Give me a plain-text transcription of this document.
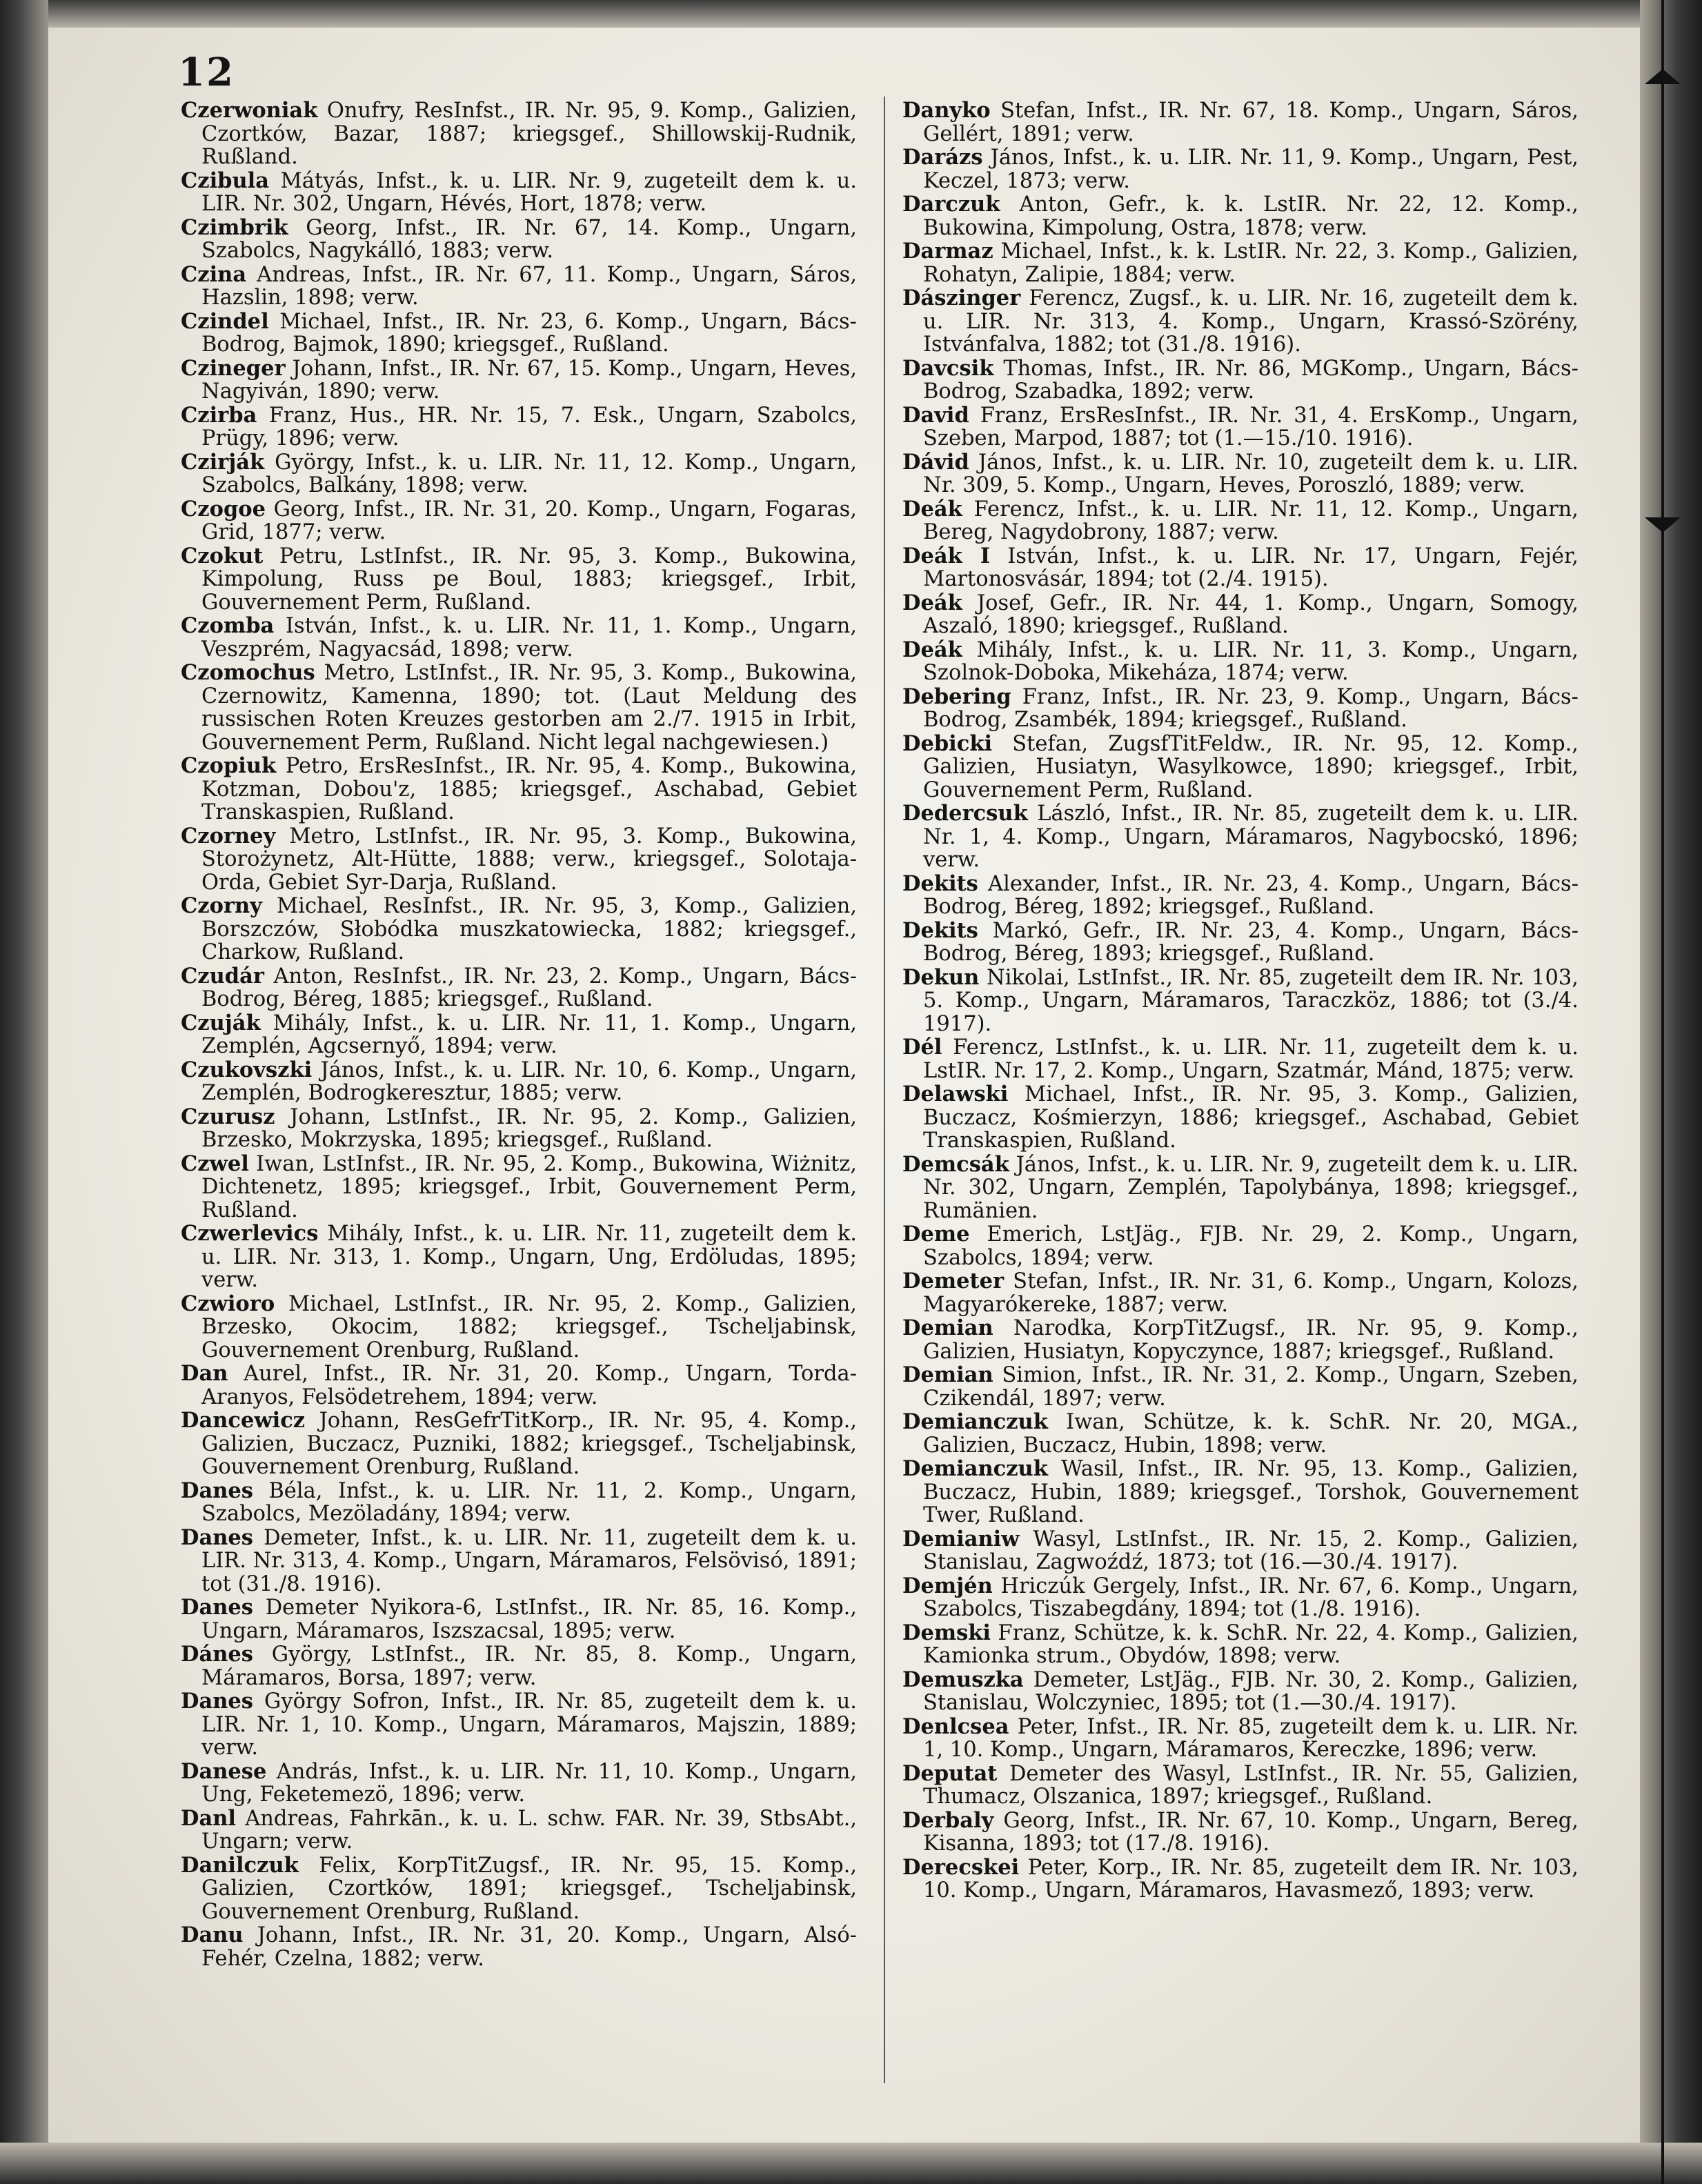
12

Czerwoniak Onufry, ResInfst., IR. Nr. 95, 9. Komp., Galizien, Czortków, Bazar, 1887; kriegsgef., Shillowskij-Rudnik, Rußland.

Czibula Mátyás, Infst., k. u. LIR. Nr. 9, zugeteilt dem k. u. LIR. Nr. 302, Ungarn, Hévés, Hort, 1878; verw.

Czimbrik Georg, Infst., IR. Nr. 67, 14. Komp., Ungarn, Szabolcs, Nagykálló, 1883; verw.

Czina Andreas, Infst., IR. Nr. 67, 11. Komp., Ungarn, Sáros, Hazslin, 1898; verw.

Czindel Michael, Infst., IR. Nr. 23, 6. Komp., Ungarn, Bács-Bodrog, Bajmok, 1890; kriegsgef., Rußland.

Czineger Johann, Infst., IR. Nr. 67, 15. Komp., Ungarn, Heves, Nagyiván, 1890; verw.

Czirba Franz, Hus., HR. Nr. 15, 7. Esk., Ungarn, Szabolcs, Prügy, 1896; verw.

Czirják György, Infst., k. u. LIR. Nr. 11, 12. Komp., Ungarn, Szabolcs, Balkány, 1898; verw.

Czogoe Georg, Infst., IR. Nr. 31, 20. Komp., Ungarn, Fogaras, Grid, 1877; verw.

Czokut Petru, LstInfst., IR. Nr. 95, 3. Komp., Bukowina, Kimpolung, Russ pe Boul, 1883; kriegsgef., Irbit, Gouvernement Perm, Rußland.

Czomba István, Infst., k. u. LIR. Nr. 11, 1. Komp., Ungarn, Veszprém, Nagyacsád, 1898; verw.

Czomochus Metro, LstInfst., IR. Nr. 95, 3. Komp., Bukowina, Czernowitz, Kamenna, 1890; tot. (Laut Meldung des russischen Roten Kreuzes gestorben am 2./7. 1915 in Irbit, Gouvernement Perm, Rußland. Nicht legal nachgewiesen.)

Czopiuk Petro, ErsResInfst., IR. Nr. 95, 4. Komp., Bukowina, Kotzman, Dobou'z, 1885; kriegsgef., Aschabad, Gebiet Transkaspien, Rußland.

Czorney Metro, LstInfst., IR. Nr. 95, 3. Komp., Bukowina, Storożynetz, Alt-Hütte, 1888; verw., kriegsgef., Solotaja-Orda, Gebiet Syr-Darja, Rußland.

Czorny Michael, ResInfst., IR. Nr. 95, 3, Komp., Galizien, Borszczów, Słobódka muszkatowiecka, 1882; kriegsgef., Charkow, Rußland.

Czudár Anton, ResInfst., IR. Nr. 23, 2. Komp., Ungarn, Bács-Bodrog, Béreg, 1885; kriegsgef., Rußland.

Czuják Mihály, Infst., k. u. LIR. Nr. 11, 1. Komp., Ungarn, Zemplén, Agcsernyő, 1894; verw.

Czukovszki János, Infst., k. u. LIR. Nr. 10, 6. Komp., Ungarn, Zemplén, Bodrogkeresztur, 1885; verw.

Czurusz Johann, LstInfst., IR. Nr. 95, 2. Komp., Galizien, Brzesko, Mokrzyska, 1895; kriegsgef., Rußland.

Czwel Iwan, LstInfst., IR. Nr. 95, 2. Komp., Bukowina, Wiżnitz, Dichtenetz, 1895; kriegsgef., Irbit, Gouvernement Perm, Rußland.

Czwerlevics Mihály, Infst., k. u. LIR. Nr. 11, zugeteilt dem k. u. LIR. Nr. 313, 1. Komp., Ungarn, Ung, Erdöludas, 1895; verw.

Czwioro Michael, LstInfst., IR. Nr. 95, 2. Komp., Galizien, Brzesko, Okocim, 1882; kriegsgef., Tscheljabinsk, Gouvernement Orenburg, Rußland.

Dan Aurel, Infst., IR. Nr. 31, 20. Komp., Ungarn, Torda-Aranyos, Felsödetrehem, 1894; verw.

Dancewicz Johann, ResGefrTitKorp., IR. Nr. 95, 4. Komp., Galizien, Buczacz, Puzniki, 1882; kriegsgef., Tscheljabinsk, Gouvernement Orenburg, Rußland.

Danes Béla, Infst., k. u. LIR. Nr. 11, 2. Komp., Ungarn, Szabolcs, Mezöladány, 1894; verw.

Danes Demeter, Infst., k. u. LIR. Nr. 11, zugeteilt dem k. u. LIR. Nr. 313, 4. Komp., Ungarn, Máramaros, Felsövisó, 1891; tot (31./8. 1916).

Danes Demeter Nyikora-6, LstInfst., IR. Nr. 85, 16. Komp., Ungarn, Máramaros, Iszszacsal, 1895; verw.

Dánes György, LstInfst., IR. Nr. 85, 8. Komp., Ungarn, Máramaros, Borsa, 1897; verw.

Danes György Sofron, Infst., IR. Nr. 85, zugeteilt dem k. u. LIR. Nr. 1, 10. Komp., Ungarn, Máramaros, Majszin, 1889; verw.

Danese András, Infst., k. u. LIR. Nr. 11, 10. Komp., Ungarn, Ung, Feketemezö, 1896; verw.

Danl Andreas, Fahrkān., k. u. L. schw. FAR. Nr. 39, StbsAbt., Ungarn; verw.

Danilczuk Felix, KorpTitZugsf., IR. Nr. 95, 15. Komp., Galizien, Czortków, 1891; kriegsgef., Tscheljabinsk, Gouvernement Orenburg, Rußland.

Danu Johann, Infst., IR. Nr. 31, 20. Komp., Ungarn, Alsó-Fehér, Czelna, 1882; verw.

Danyko Stefan, Infst., IR. Nr. 67, 18. Komp., Ungarn, Sáros, Gellért, 1891; verw.

Darázs János, Infst., k. u. LIR. Nr. 11, 9. Komp., Ungarn, Pest, Keczel, 1873; verw.

Darczuk Anton, Gefr., k. k. LstIR. Nr. 22, 12. Komp., Bukowina, Kimpolung, Ostra, 1878; verw.

Darmaz Michael, Infst., k. k. LstIR. Nr. 22, 3. Komp., Galizien, Rohatyn, Zalipie, 1884; verw.

Dászinger Ferencz, Zugsf., k. u. LIR. Nr. 16, zugeteilt dem k. u. LIR. Nr. 313, 4. Komp., Ungarn, Krassó-Szörény, Istvánfalva, 1882; tot (31./8. 1916).

Davcsik Thomas, Infst., IR. Nr. 86, MGKomp., Ungarn, Bács-Bodrog, Szabadka, 1892; verw.

David Franz, ErsResInfst., IR. Nr. 31, 4. ErsKomp., Ungarn, Szeben, Marpod, 1887; tot (1.—15./10. 1916).

Dávid János, Infst., k. u. LIR. Nr. 10, zugeteilt dem k. u. LIR. Nr. 309, 5. Komp., Ungarn, Heves, Poroszló, 1889; verw.

Deák Ferencz, Infst., k. u. LIR. Nr. 11, 12. Komp., Ungarn, Bereg, Nagydobrony, 1887; verw.

Deák I István, Infst., k. u. LIR. Nr. 17, Ungarn, Fejér, Martonosvásár, 1894; tot (2./4. 1915).

Deák Josef, Gefr., IR. Nr. 44, 1. Komp., Ungarn, Somogy, Aszaló, 1890; kriegsgef., Rußland.

Deák Mihály, Infst., k. u. LIR. Nr. 11, 3. Komp., Ungarn, Szolnok-Doboka, Mikeháza, 1874; verw.

Debering Franz, Infst., IR. Nr. 23, 9. Komp., Ungarn, Bács-Bodrog, Zsambék, 1894; kriegsgef., Rußland.

Debicki Stefan, ZugsfTitFeldw., IR. Nr. 95, 12. Komp., Galizien, Husiatyn, Wasylkowce, 1890; kriegsgef., Irbit, Gouvernement Perm, Rußland.

Dedercsuk László, Infst., IR. Nr. 85, zugeteilt dem k. u. LIR. Nr. 1, 4. Komp., Ungarn, Máramaros, Nagybocskó, 1896; verw.

Dekits Alexander, Infst., IR. Nr. 23, 4. Komp., Ungarn, Bács-Bodrog, Béreg, 1892; kriegsgef., Rußland.

Dekits Markó, Gefr., IR. Nr. 23, 4. Komp., Ungarn, Bács-Bodrog, Béreg, 1893; kriegsgef., Rußland.

Dekun Nikolai, LstInfst., IR. Nr. 85, zugeteilt dem IR. Nr. 103, 5. Komp., Ungarn, Máramaros, Taraczköz, 1886; tot (3./4. 1917).

Dél Ferencz, LstInfst., k. u. LIR. Nr. 11, zugeteilt dem k. u. LstIR. Nr. 17, 2. Komp., Ungarn, Szatmár, Mánd, 1875; verw.

Delawski Michael, Infst., IR. Nr. 95, 3. Komp., Galizien, Buczacz, Kośmierzyn, 1886; kriegsgef., Aschabad, Gebiet Transkaspien, Rußland.

Demcsák János, Infst., k. u. LIR. Nr. 9, zugeteilt dem k. u. LIR. Nr. 302, Ungarn, Zemplén, Tapolybánya, 1898; kriegsgef., Rumänien.

Deme Emerich, LstJäg., FJB. Nr. 29, 2. Komp., Ungarn, Szabolcs, 1894; verw.

Demeter Stefan, Infst., IR. Nr. 31, 6. Komp., Ungarn, Kolozs, Magyarókereke, 1887; verw.

Demian Narodka, KorpTitZugsf., IR. Nr. 95, 9. Komp., Galizien, Husiatyn, Kopyczynce, 1887; kriegsgef., Rußland.

Demian Simion, Infst., IR. Nr. 31, 2. Komp., Ungarn, Szeben, Czikendál, 1897; verw.

Demianczuk Iwan, Schütze, k. k. SchR. Nr. 20, MGA., Galizien, Buczacz, Hubin, 1898; verw.

Demianczuk Wasil, Infst., IR. Nr. 95, 13. Komp., Galizien, Buczacz, Hubin, 1889; kriegsgef., Torshok, Gouvernement Twer, Rußland.

Demianiw Wasyl, LstInfst., IR. Nr. 15, 2. Komp., Galizien, Stanislau, Zagwoźdź, 1873; tot (16.—30./4. 1917).

Demjén Hriczúk Gergely, Infst., IR. Nr. 67, 6. Komp., Ungarn, Szabolcs, Tiszabegdány, 1894; tot (1./8. 1916).

Demski Franz, Schütze, k. k. SchR. Nr. 22, 4. Komp., Galizien, Kamionka strum., Obydów, 1898; verw.

Demuszka Demeter, LstJäg., FJB. Nr. 30, 2. Komp., Galizien, Stanislau, Wolczyniec, 1895; tot (1.—30./4. 1917).

Denlcsea Peter, Infst., IR. Nr. 85, zugeteilt dem k. u. LIR. Nr. 1, 10. Komp., Ungarn, Máramaros, Kereczke, 1896; verw.

Deputat Demeter des Wasyl, LstInfst., IR. Nr. 55, Galizien, Thumacz, Olszanica, 1897; kriegsgef., Rußland.

Derbaly Georg, Infst., IR. Nr. 67, 10. Komp., Ungarn, Bereg, Kisanna, 1893; tot (17./8. 1916).

Derecskei Peter, Korp., IR. Nr. 85, zugeteilt dem IR. Nr. 103, 10. Komp., Ungarn, Máramaros, Havasmező, 1893; verw.
